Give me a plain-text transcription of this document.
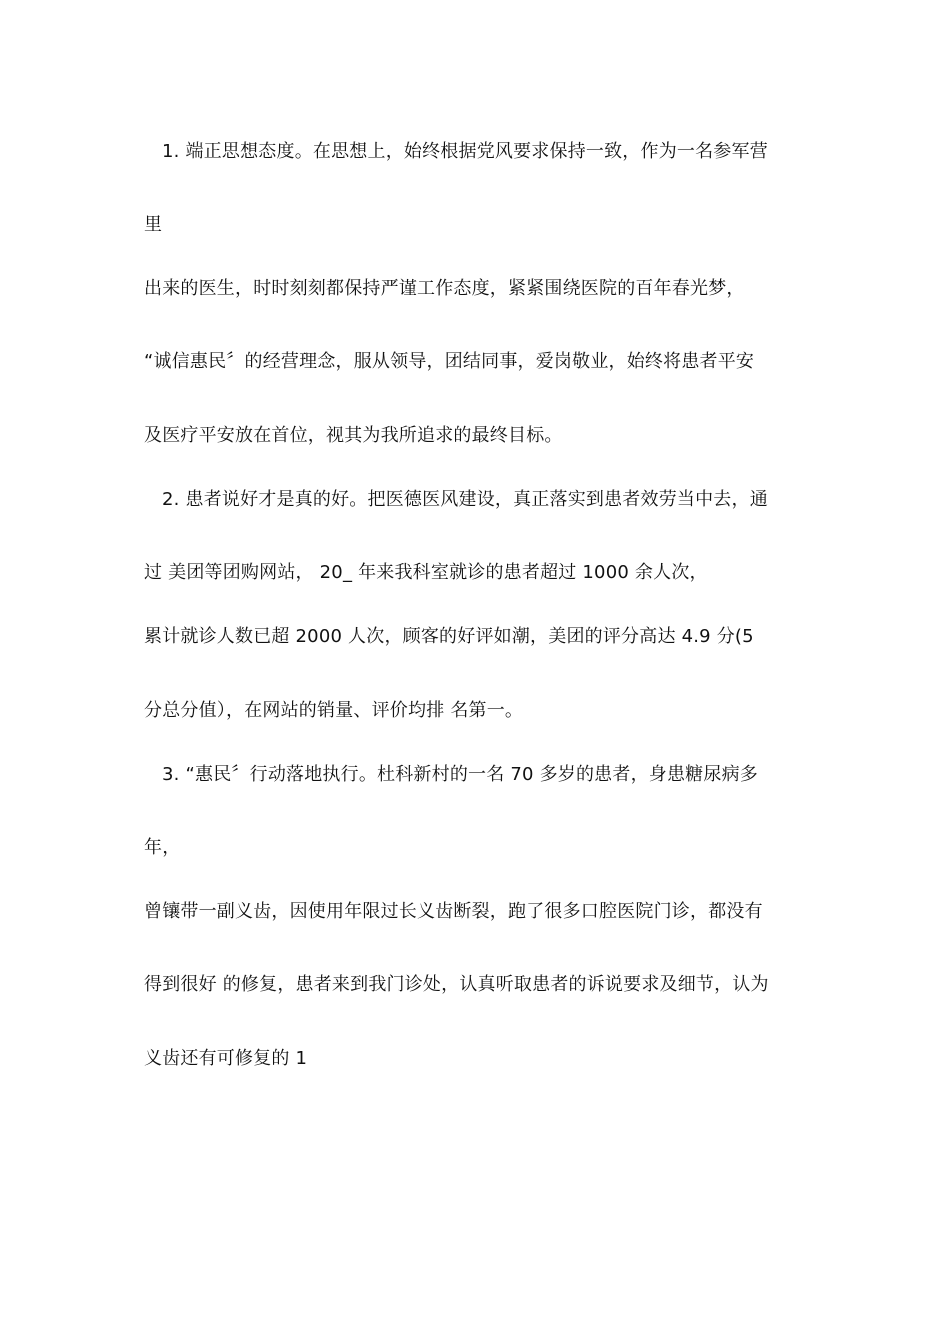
1. 端正思想态度。在思想上，始终根据党风要求保持一致，作为一名参军营
里
出来的医生，时时刻刻都保持严谨工作态度，紧紧围绕医院的百年春光梦，
“诚信惠民〞的经营理念，服从领导，团结同事，爱岗敬业，始终将患者平安
及医疗平安放在首位，视其为我所追求的最终目标。
2. 患者说好才是真的好。把医德医风建设，真正落实到患者效劳当中去，通
过 美团等团购网站， 20_ 年来我科室就诊的患者超过 1000 余人次，
累计就诊人数已超 2000 人次，顾客的好评如潮，美团的评分高达 4.9 分(5
分总分值），在网站的销量、评价均排 名第一。
3. “惠民〞行动落地执行。杜科新村的一名 70 多岁的患者，身患糖尿病多
年，
曾镶带一副义齿，因使用年限过长义齿断裂，跑了很多口腔医院门诊，都没有
得到很好 的修复，患者来到我门诊处，认真听取患者的诉说要求及细节，认为
义齿还有可修复的 1
